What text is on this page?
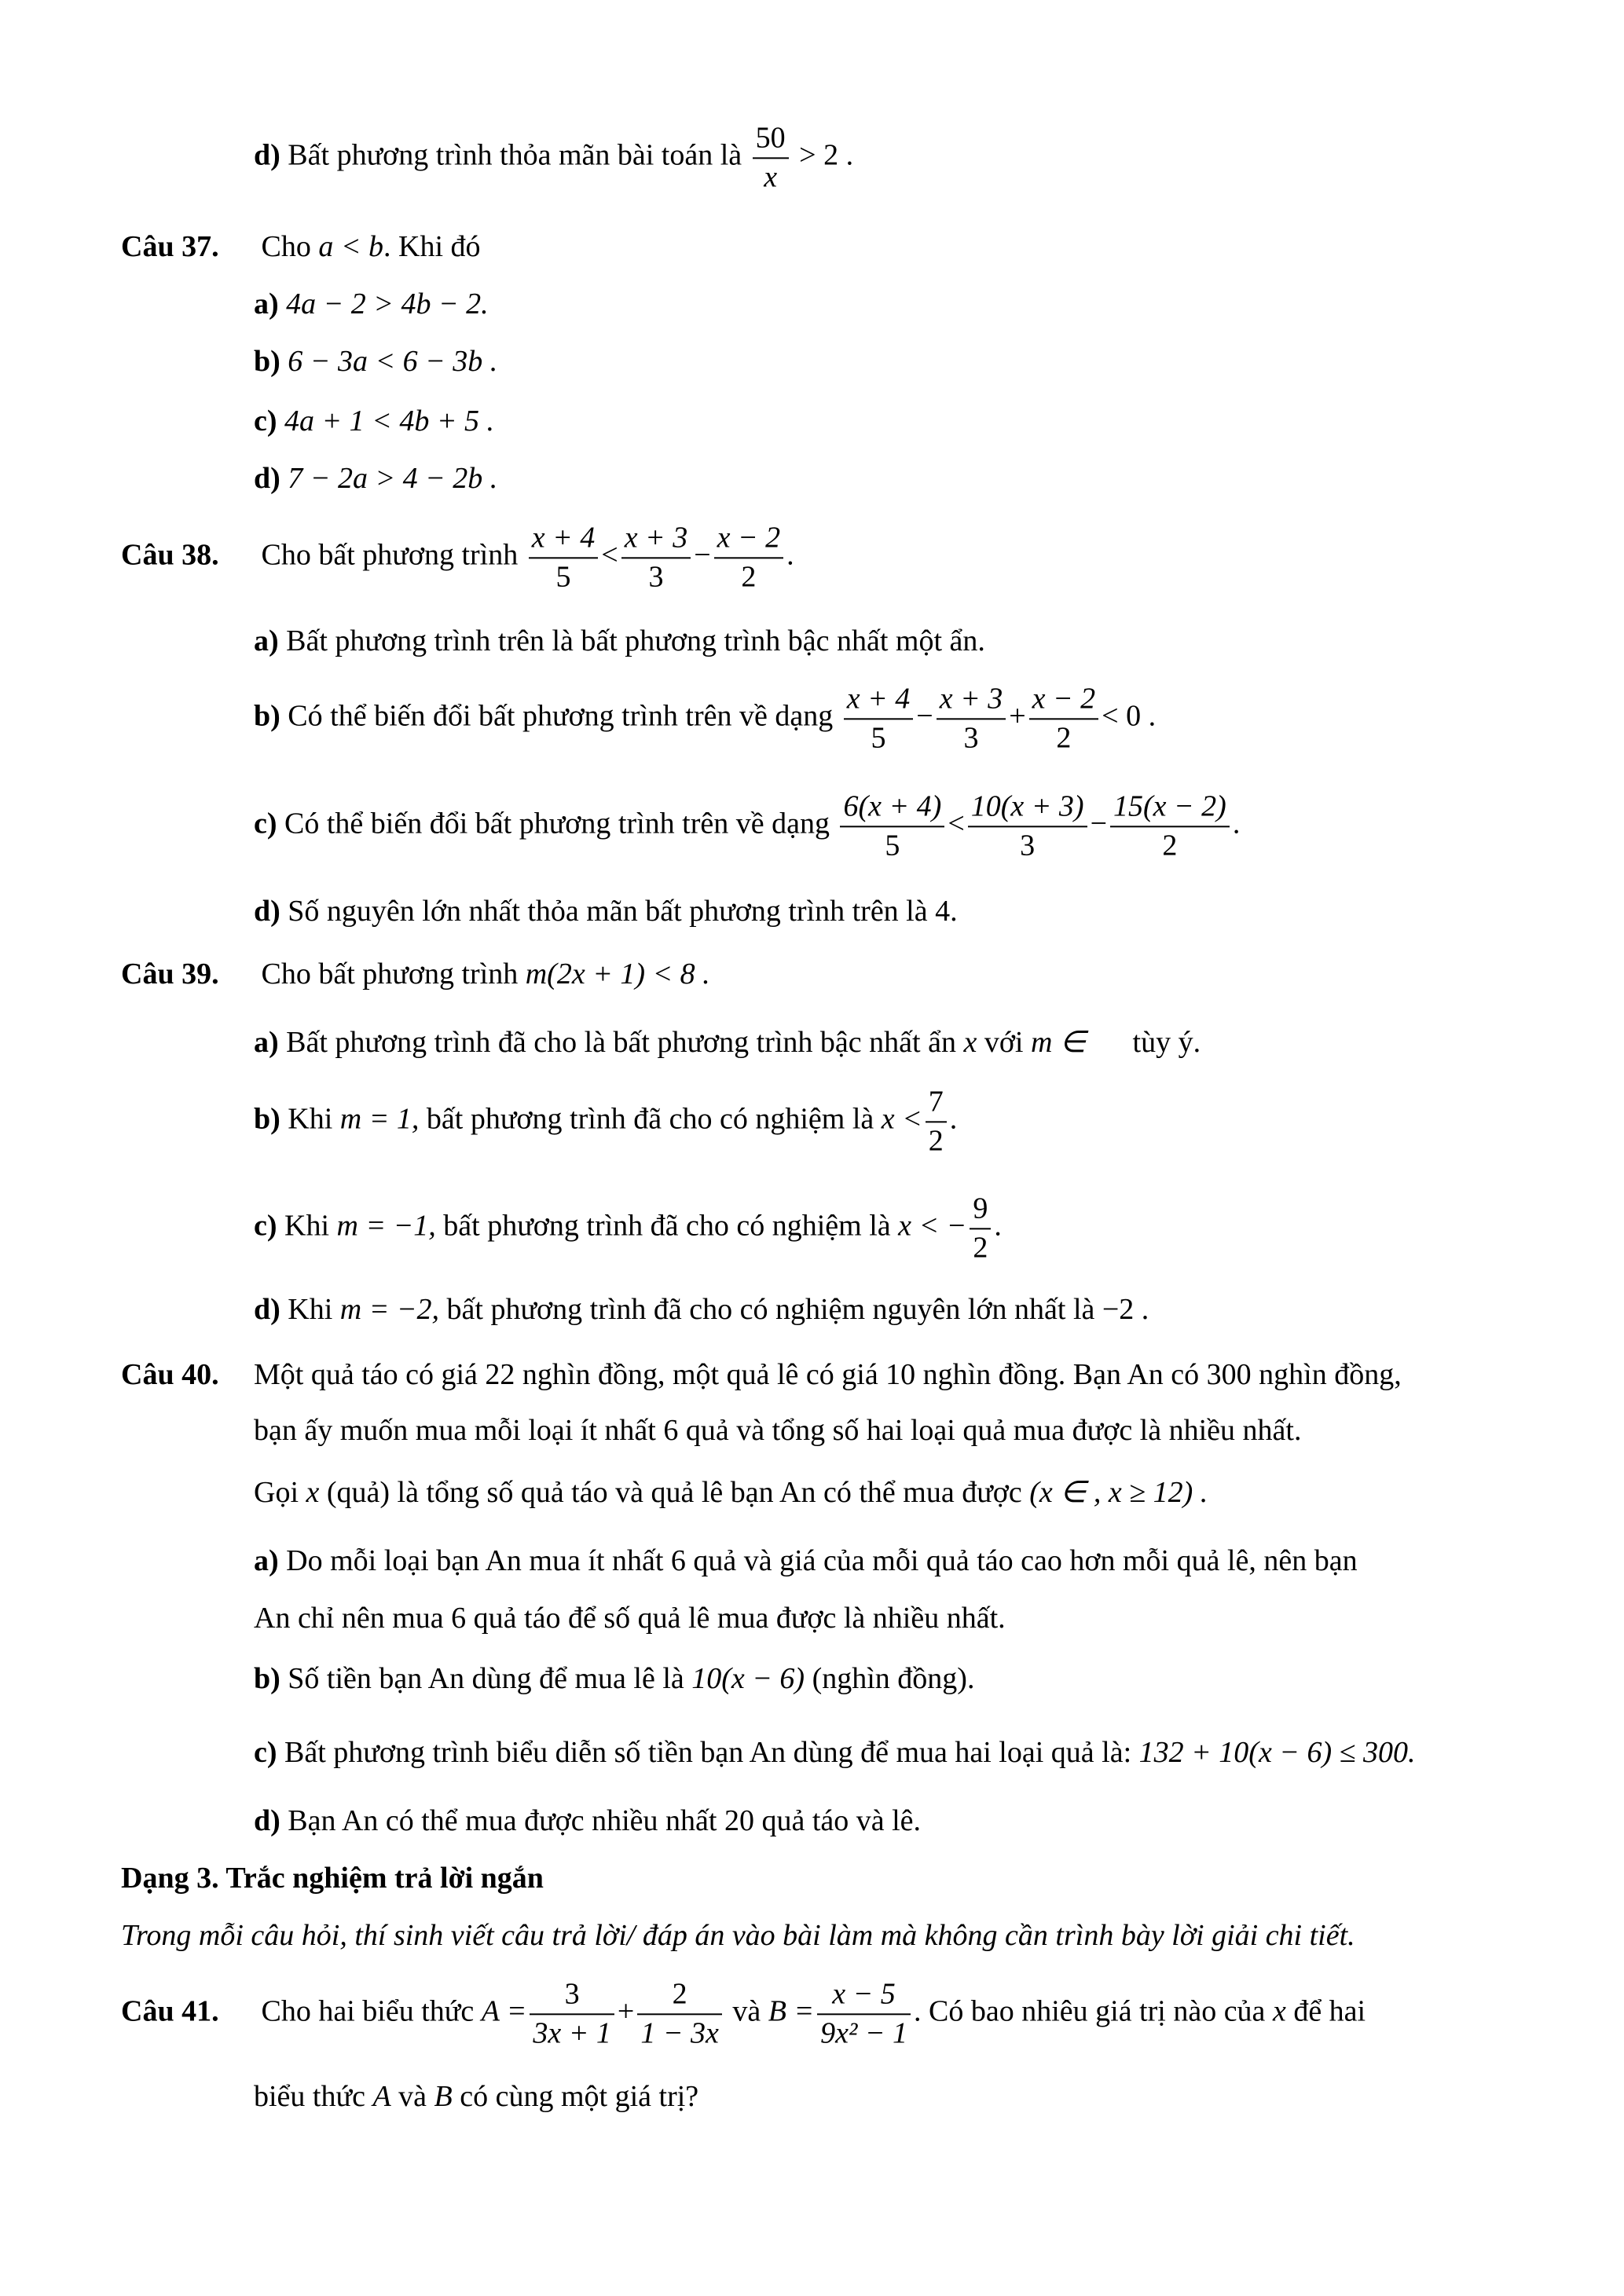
d) Bất phương trình thỏa mãn bài toán là $\frac{50}{x} > 2$ .
Câu 37. Cho a < b. Khi đó
a) 4a − 2 > 4b − 2.
b) 6 − 3a < 6 − 3b .
c) 4a + 1 < 4b + 5 .
d) 7 − 2a > 4 − 2b .
Câu 38. Cho bất phương trình $\frac{x + 4}{5} < \frac{x + 3}{3} - \frac{x - 2}{2}$ .
a) Bất phương trình trên là bất phương trình bậc nhất một ẩn.
b) Có thể biến đổi bất phương trình trên về dạng $\frac{x + 4}{5} - \frac{x + 3}{3} + \frac{x - 2}{2} < 0$ .
c) Có thể biến đổi bất phương trình trên về dạng $\frac{6(x + 4)}{5} < \frac{10(x + 3)}{3} - \frac{15(x - 2)}{2}$ .
d) Số nguyên lớn nhất thỏa mãn bất phương trình trên là 4.
Câu 39. Cho bất phương trình m(2x + 1) < 8 .
a) Bất phương trình đã cho là bất phương trình bậc nhất ẩn x với m ∈ tùy ý.
b) Khi m = 1, bất phương trình đã cho có nghiệm là $x < \frac{7}{2}$ .
c) Khi m = −1, bất phương trình đã cho có nghiệm là x < − $\frac{9}{2}$ .
d) Khi m = −2, bất phương trình đã cho có nghiệm nguyên lớn nhất là −2 .
Câu 40. Một quả táo có giá 22 nghìn đồng, một quả lê có giá 10 nghìn đồng. Bạn An có 300 nghìn đồng,
bạn ấy muốn mua mỗi loại ít nhất 6 quả và tổng số hai loại quả mua được là nhiều nhất.
Gọi x (quả) là tổng số quả táo và quả lê bạn An có thể mua được (x ∈ , x ≥ 12) .
a) Do mỗi loại bạn An mua ít nhất 6 quả và giá của mỗi quả táo cao hơn mỗi quả lê, nên bạn
An chỉ nên mua 6 quả táo để số quả lê mua được là nhiều nhất.
b) Số tiền bạn An dùng để mua lê là 10(x − 6) (nghìn đồng).
c) Bất phương trình biểu diễn số tiền bạn An dùng để mua hai loại quả là: 132 + 10(x − 6) ≤ 300.
d) Bạn An có thể mua được nhiều nhất 20 quả táo và lê.
Dạng 3. Trắc nghiệm trả lời ngắn
Trong mỗi câu hỏi, thí sinh viết câu trả lời/ đáp án vào bài làm mà không cần trình bày lời giải chi tiết.
Câu 41. Cho hai biểu thức $A = \frac{3}{3x + 1} + \frac{2}{1 - 3x}$ và $B = \frac{x - 5}{\text{9x² − 1}}$ . Có bao nhiêu giá trị nào của x để hai
biểu thức A và B có cùng một giá trị?
